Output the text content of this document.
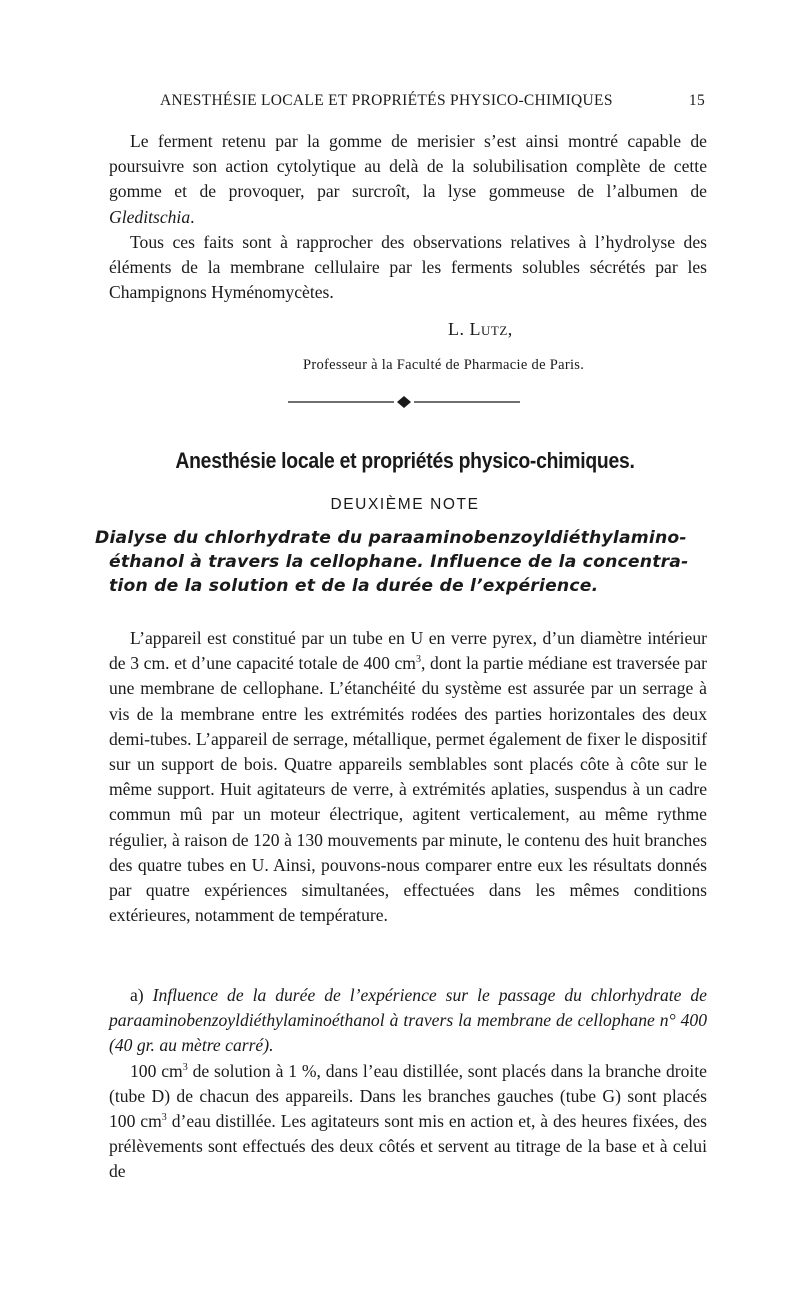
ANESTHÉSIE LOCALE ET PROPRIÉTÉS PHYSICO-CHIMIQUES	15

Le ferment retenu par la gomme de merisier s’est ainsi montré capable de poursuivre son action cytolytique au delà de la solubilisation complète de cette gomme et de provoquer, par surcroît, la lyse gommeuse de l’albumen de Gleditschia.

Tous ces faits sont à rapprocher des observations relatives à l’hydrolyse des éléments de la membrane cellulaire par les ferments solubles sécrétés par les Champignons Hyménomycètes.

L. Lutz,
Professeur à la Faculté de Pharmacie de Paris.
Anesthésie locale et propriétés physico-chimiques.
DEUXIÈME NOTE
Dialyse du chlorhydrate du paraaminobenzoyldiéthylamino-
éthanol à travers la cellophane. Influence de la concentra-
tion de la solution et de la durée de l’expérience.

L’appareil est constitué par un tube en U en verre pyrex, d’un diamètre intérieur de 3 cm. et d’une capacité totale de 400 $cm^3$, dont la partie médiane est traversée par une membrane de cellophane. L’étanchéité du système est assurée par un serrage à vis de la membrane entre les extrémités rodées des parties horizontales des deux demi-tubes. L’appareil de serrage, métallique, permet également de fixer le dispositif sur un support de bois. Quatre appareils semblables sont placés côte à côte sur le même support. Huit agitateurs de verre, à extrémités aplaties, suspendus à un cadre commun mû par un moteur électrique, agitent verticalement, au même rythme régulier, à raison de 120 à 130 mouvements par minute, le contenu des huit branches des quatre tubes en U. Ainsi, pouvons-nous comparer entre eux les résultats donnés par quatre expériences simultanées, effectuées dans les mêmes conditions extérieures, notamment de température.

a) Influence de la durée de l’expérience sur le passage du chlorhydrate de paraaminobenzoyldiéthylaminoéthanol à travers la membrane de cellophane n° 400 (40 gr. au mètre carré).

100 $cm^3$ de solution à 1 %, dans l’eau distillée, sont placés dans la branche droite (tube D) de chacun des appareils. Dans les branches gauches (tube G) sont placés 100 $cm^3$ d’eau distillée. Les agitateurs sont mis en action et, à des heures fixées, des prélèvements sont effectués des deux côtés et servent au titrage de la base et à celui de
